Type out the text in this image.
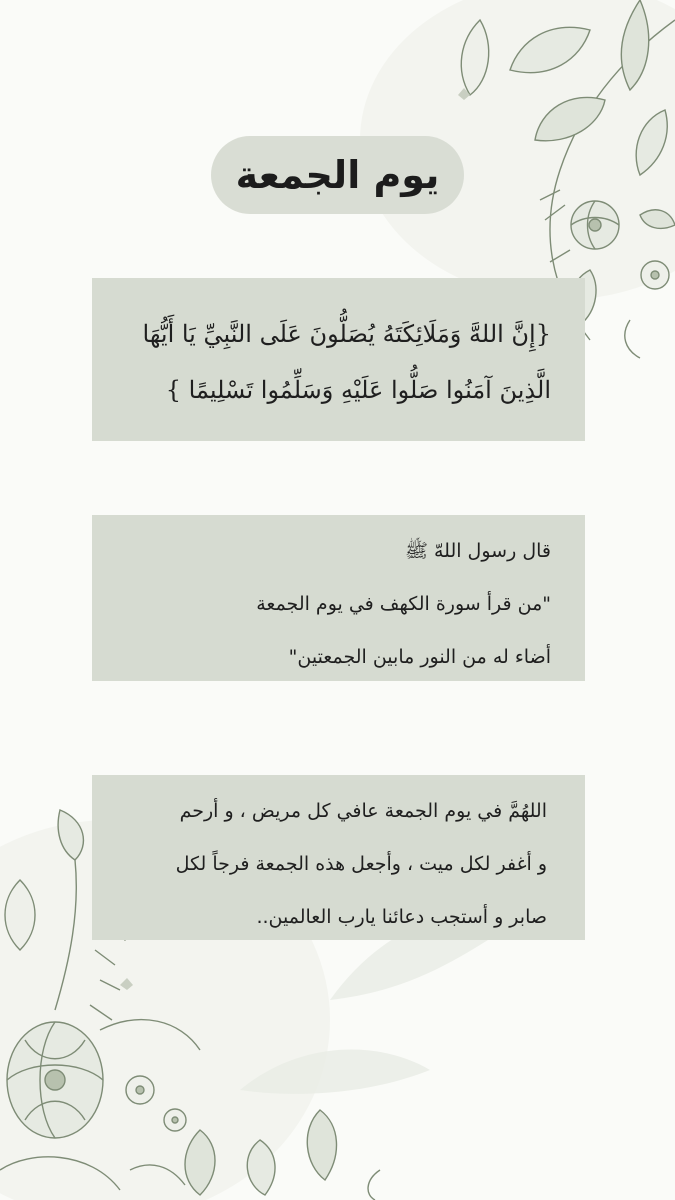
يوم الجمعة
{إِنَّ اللهَّ وَمَلَائِكَتَهُ يُصَلُّونَ عَلَى النَّبِيِّ يَا أَيُّهَا
الَّذِينَ آمَنُوا صَلُّوا عَلَيْهِ وَسَلِّمُوا تَسْلِيمًا }
قال رسول اللهّ ﷺ
"من قرأ سورة الكهف في يوم الجمعة
أضاء له من النور مابين الجمعتين"
اللهُمَّ في يوم الجمعة عافي كل مريض ، و أرحم
و أغفر لكل ميت ، وأجعل هذه الجمعة فرجاً لكل
صابر و أستجب دعائنا يارب العالمين..
